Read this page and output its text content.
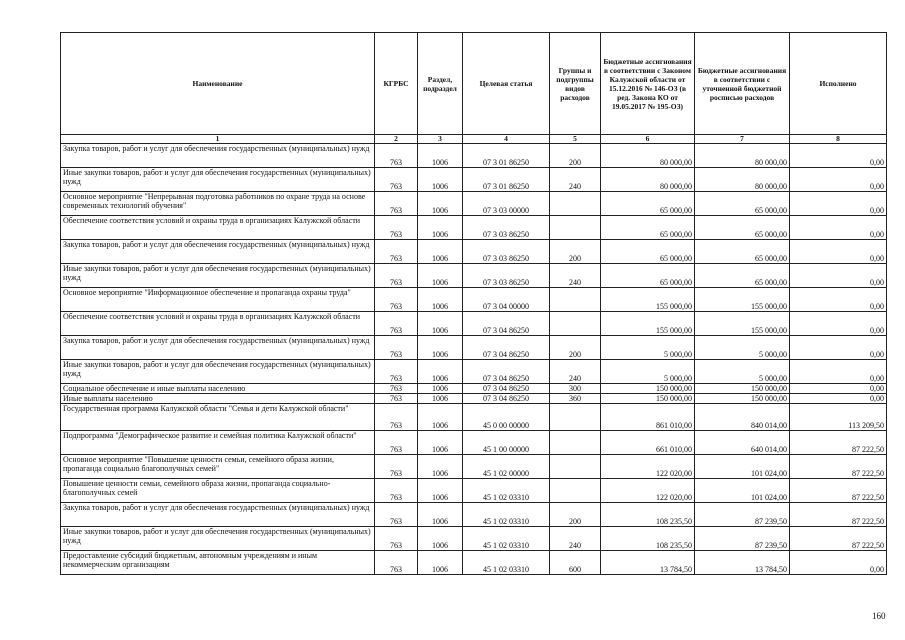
Наименование	КГРБС	Раздел, подраздел	Целевая статья	Группы и подгруппы видов расходов	Бюджетные ассигнования в соответствии с Законом Калужской области от 15.12.2016 № 146-ОЗ (в ред. Закона КО от 19.05.2017 № 195-ОЗ)	Бюджетные ассигнования в соответствии с уточненной бюджетной росписью расходов	Исполнено
1	2	3	4	5	6	7	8
Закупка товаров, работ и услуг для обеспечения государственных (муниципальных) нужд	763	1006	07 3 01 86250	200	80 000,00	80 000,00	0,00
Иные закупки товаров, работ и услуг для обеспечения государственных (муниципальных) нужд	763	1006	07 3 01 86250	240	80 000,00	80 000,00	0,00
Основное мероприятие "Непрерывная подготовка работников по охране труда на основе современных технологий обучения"	763	1006	07 3 03 00000		65 000,00	65 000,00	0,00
Обеспечение соответствия условий и охраны труда в организациях Калужской области	763	1006	07 3 03 86250		65 000,00	65 000,00	0,00
Закупка товаров, работ и услуг для обеспечения государственных (муниципальных) нужд	763	1006	07 3 03 86250	200	65 000,00	65 000,00	0,00
Иные закупки товаров, работ и услуг для обеспечения государственных (муниципальных) нужд	763	1006	07 3 03 86250	240	65 000,00	65 000,00	0,00
Основное мероприятие "Информационное обеспечение и пропаганда охраны труда"	763	1006	07 3 04 00000		155 000,00	155 000,00	0,00
Обеспечение соответствия условий и охраны труда в организациях Калужской области	763	1006	07 3 04 86250		155 000,00	155 000,00	0,00
Закупка товаров, работ и услуг для обеспечения государственных (муниципальных) нужд	763	1006	07 3 04 86250	200	5 000,00	5 000,00	0,00
Иные закупки товаров, работ и услуг для обеспечения государственных (муниципальных) нужд	763	1006	07 3 04 86250	240	5 000,00	5 000,00	0,00
Социальное обеспечение и иные выплаты населению	763	1006	07 3 04 86250	300	150 000,00	150 000,00	0,00
Иные выплаты населению	763	1006	07 3 04 86250	360	150 000,00	150 000,00	0,00
Государственная программа Калужской области "Семья и дети Калужской области"	763	1006	45 0 00 00000		861 010,00	840 014,00	113 209,50
Подпрограмма "Демографическое развитие и семейная политика Калужской области"	763	1006	45 1 00 00000		661 010,00	640 014,00	87 222,50
Основное мероприятие "Повышение ценности семьи, семейного образа жизни, пропаганда социально благополучных семей"	763	1006	45 1 02 00000		122 020,00	101 024,00	87 222,50
Повышение ценности семьи, семейного образа жизни, пропаганда социально-благополучных семей	763	1006	45 1 02 03310		122 020,00	101 024,00	87 222,50
Закупка товаров, работ и услуг для обеспечения государственных (муниципальных) нужд	763	1006	45 1 02 03310	200	108 235,50	87 239,50	87 222,50
Иные закупки товаров, работ и услуг для обеспечения государственных (муниципальных) нужд	763	1006	45 1 02 03310	240	108 235,50	87 239,50	87 222,50
Предоставление субсидий бюджетным, автономным учреждениям и иным некоммерческим организациям	763	1006	45 1 02 03310	600	13 784,50	13 784,50	0,00
160
